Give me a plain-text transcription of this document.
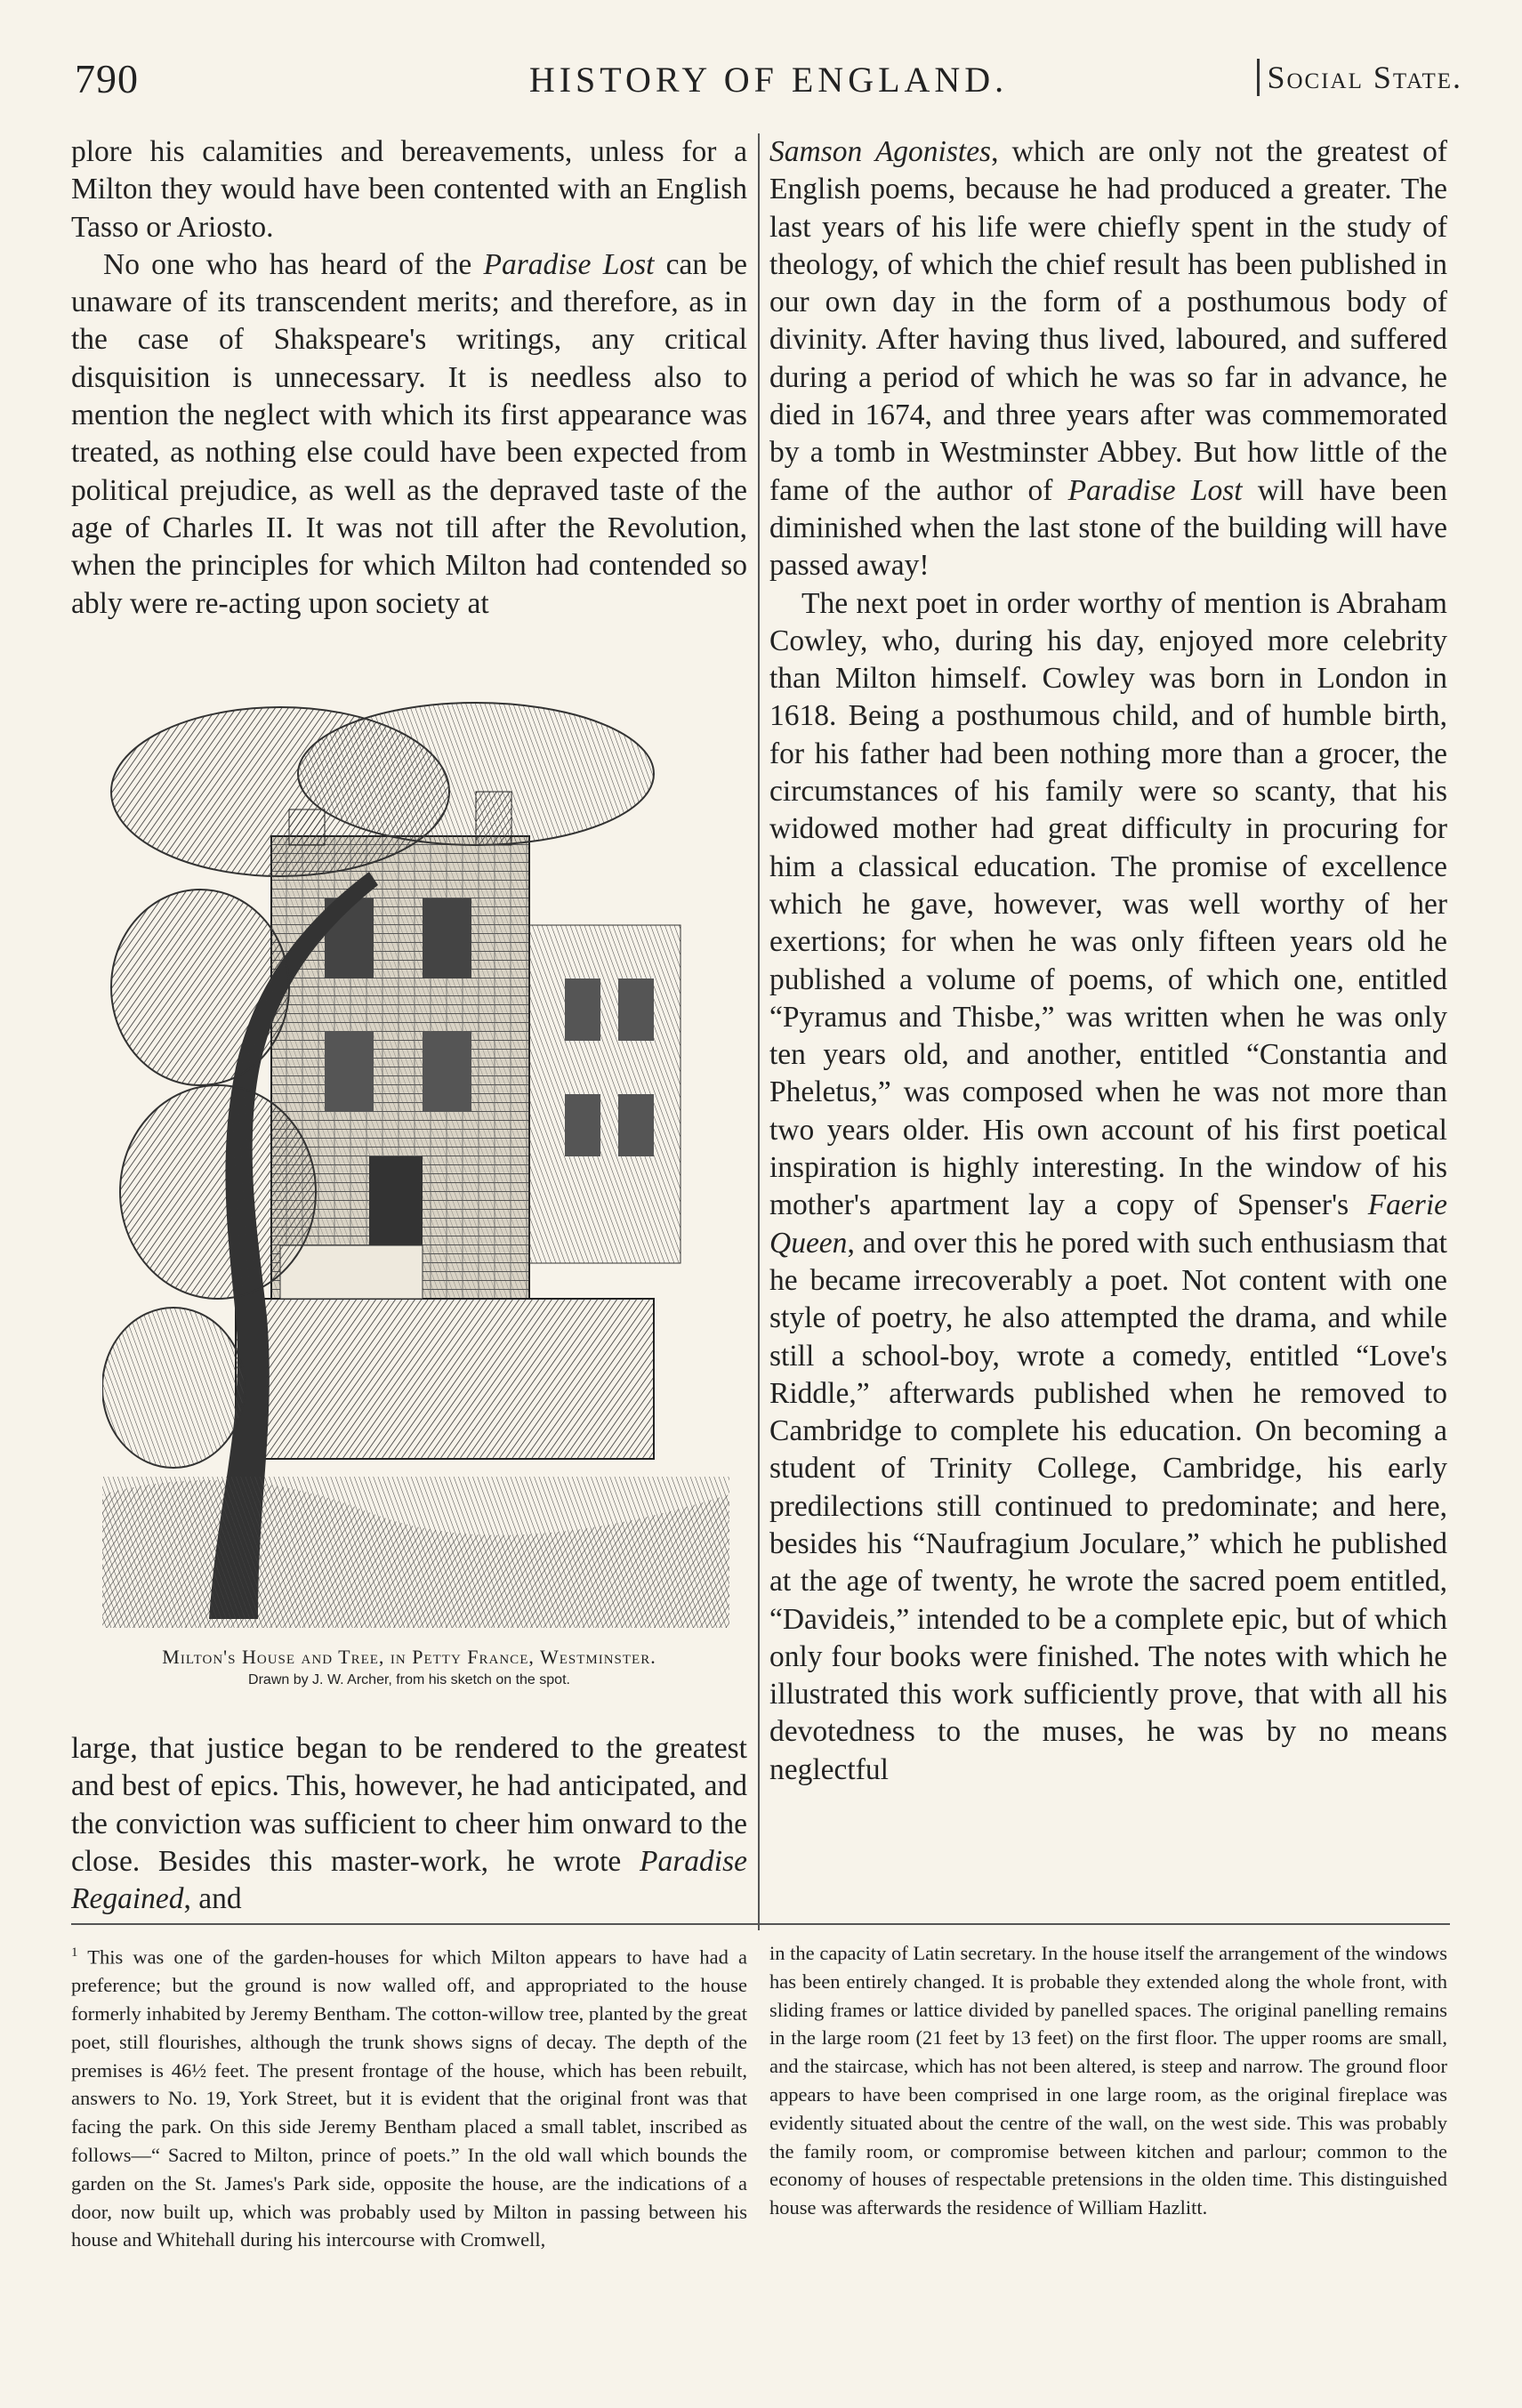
790	HISTORY OF ENGLAND.	Social State.

plore his calamities and bereavements, unless for a Milton they would have been contented with an English Tasso or Ariosto.

No one who has heard of the Paradise Lost can be unaware of its transcendent merits; and therefore, as in the case of Shakspeare's writings, any critical disquisition is unnecessary. It is needless also to mention the neglect with which its first appearance was treated, as nothing else could have been expected from political prejudice, as well as the depraved taste of the age of Charles II. It was not till after the Revolution, when the principles for which Milton had contended so ably were re-acting upon society at

Milton's House and Tree, in Petty France, Westminster.
Drawn by J. W. Archer, from his sketch on the spot.

large, that justice began to be rendered to the greatest and best of epics. This, however, he had anticipated, and the conviction was sufficient to cheer him onward to the close. Besides this master-work, he wrote Paradise Regained, and

Samson Agonistes, which are only not the greatest of English poems, because he had produced a greater. The last years of his life were chiefly spent in the study of theology, of which the chief result has been published in our own day in the form of a posthumous body of divinity. After having thus lived, laboured, and suffered during a period of which he was so far in advance, he died in 1674, and three years after was commemorated by a tomb in Westminster Abbey. But how little of the fame of the author of Paradise Lost will have been diminished when the last stone of the building will have passed away!

The next poet in order worthy of mention is Abraham Cowley, who, during his day, enjoyed more celebrity than Milton himself. Cowley was born in London in 1618. Being a posthumous child, and of humble birth, for his father had been nothing more than a grocer, the circumstances of his family were so scanty, that his widowed mother had great difficulty in procuring for him a classical education. The promise of excellence which he gave, however, was well worthy of her exertions; for when he was only fifteen years old he published a volume of poems, of which one, entitled “Pyramus and Thisbe,” was written when he was only ten years old, and another, entitled “Constantia and Pheletus,” was composed when he was not more than two years older. His own account of his first poetical inspiration is highly interesting. In the window of his mother's apartment lay a copy of Spenser's Faerie Queen, and over this he pored with such enthusiasm that he became irrecoverably a poet. Not content with one style of poetry, he also attempted the drama, and while still a school-boy, wrote a comedy, entitled “Love's Riddle,” afterwards published when he removed to Cambridge to complete his education. On becoming a student of Trinity College, Cambridge, his early predilections still continued to predominate; and here, besides his “Naufragium Joculare,” which he published at the age of twenty, he wrote the sacred poem entitled, “Davideis,” intended to be a complete epic, but of which only four books were finished. The notes with which he illustrated this work sufficiently prove, that with all his devotedness to the muses, he was by no means neglectful

$^1$ This was one of the garden-houses for which Milton appears to have had a preference; but the ground is now walled off, and appropriated to the house formerly inhabited by Jeremy Bentham. The cotton-willow tree, planted by the great poet, still flourishes, although the trunk shows signs of decay. The depth of the premises is 46½ feet. The present frontage of the house, which has been rebuilt, answers to No. 19, York Street, but it is evident that the original front was that facing the park. On this side Jeremy Bentham placed a small tablet, inscribed as follows—“ Sacred to Milton, prince of poets.” In the old wall which bounds the garden on the St. James's Park side, opposite the house, are the indications of a door, now built up, which was probably used by Milton in passing between his house and Whitehall during his intercourse with Cromwell,

in the capacity of Latin secretary. In the house itself the arrangement of the windows has been entirely changed. It is probable they extended along the whole front, with sliding frames or lattice divided by panelled spaces. The original panelling remains in the large room (21 feet by 13 feet) on the first floor. The upper rooms are small, and the staircase, which has not been altered, is steep and narrow. The ground floor appears to have been comprised in one large room, as the original fireplace was evidently situated about the centre of the wall, on the west side. This was probably the family room, or compromise between kitchen and parlour; common to the economy of houses of respectable pretensions in the olden time. This distinguished house was afterwards the residence of William Hazlitt.
